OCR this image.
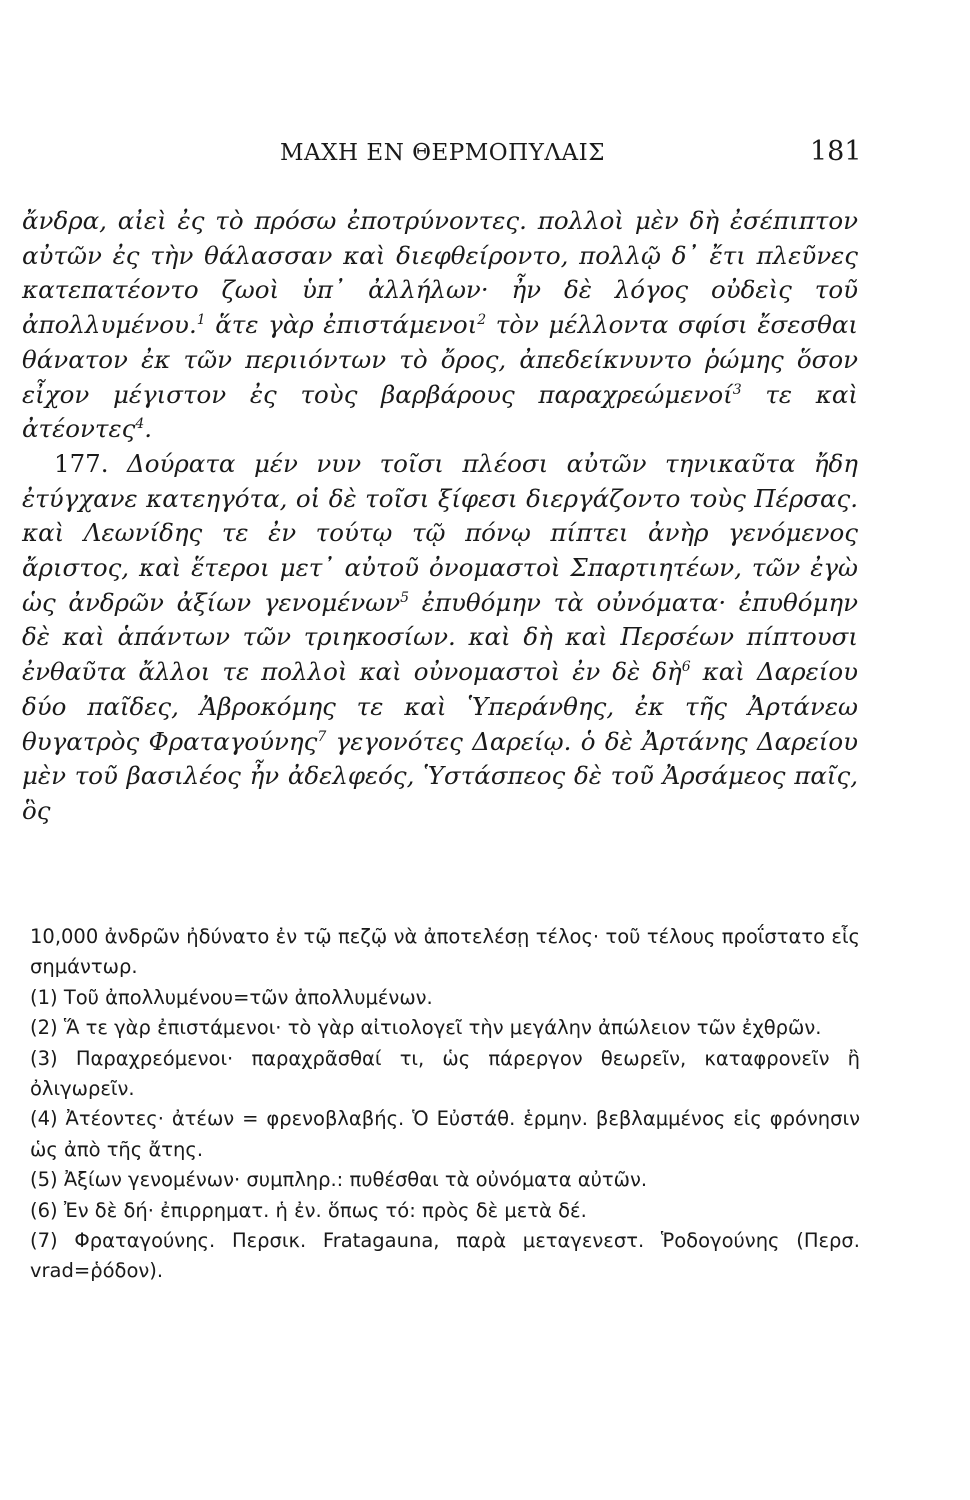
ΜΑΧΗ ΕΝ ΘΕΡΜΟΠΥΛΑΙΣ	181

ἄνδρα, αἰεὶ ἐς τὸ πρόσω ἐποτρύνοντες. πολλοὶ μὲν δὴ ἐσέπιπτον αὐτῶν ἐς τὴν θάλασσαν καὶ διεφθείροντο, πολλῷ δ᾽ ἔτι πλεῦνες κατεπατέοντο ζωοὶ ὑπ᾽ ἀλλήλων· ἦν δὲ λόγος οὐδεὶς τοῦ ἀπολλυμένου.$^1$ ἅτε γὰρ ἐπιστάμενοι$^2$ τὸν μέλλοντα σφίσι ἔσεσθαι θάνατον ἐκ τῶν περιιόντων τὸ ὄρος, ἀπεδείκνυντο ῥώμης ὅσον εἶχον μέγιστον ἐς τοὺς βαρβάρους παραχρεώμενοί$^3$ τε καὶ ἀτέοντες$^4$.

177. Δούρατα μέν νυν τοῖσι πλέοσι αὐτῶν τηνικαῦτα ἤδη ἐτύγχανε κατεηγότα, οἱ δὲ τοῖσι ξίφεσι διεργάζοντο τοὺς Πέρσας. καὶ Λεωνίδης τε ἐν τούτῳ τῷ πόνῳ πίπτει ἀνὴρ γενόμενος ἄριστος, καὶ ἕτεροι μετ᾽ αὐτοῦ ὀνομαστοὶ Σπαρτιητέων, τῶν ἐγὼ ὡς ἀνδρῶν ἀξίων γενομένων$^5$ ἐπυθόμην τὰ οὐνόματα· ἐπυθόμην δὲ καὶ ἁπάντων τῶν τριηκοσίων. καὶ δὴ καὶ Περσέων πίπτουσι ἐνθαῦτα ἄλλοι τε πολλοὶ καὶ οὐνομαστοὶ ἐν δὲ δὴ$^6$ καὶ Δαρείου δύο παῖδες, Ἀβροκόμης τε καὶ Ὑπεράνθης, ἐκ τῆς Ἀρτάνεω θυγατρὸς Φραταγούνης$^7$ γεγονότες Δαρείῳ. ὁ δὲ Ἀρτάνης Δαρείου μὲν τοῦ βασιλέος ἦν ἀδελφεός, Ὑστάσπεος δὲ τοῦ Ἀρσάμεος παῖς, ὃς

10,000 ἀνδρῶν ἠδύνατο ἐν τῷ πεζῷ νὰ ἀποτελέσῃ τέλος· τοῦ τέλους προΐστατο εἷς σημάντωρ.

(1) Τοῦ ἀπολλυμένου=τῶν ἀπολλυμένων.

(2) Ἅ τε γὰρ ἐπιστάμενοι· τὸ γὰρ αἰτιολογεῖ τὴν μεγάλην ἀπώλειον τῶν ἐχθρῶν.

(3) Παραχρεόμενοι· παραχρᾶσθαί τι, ὡς πάρεργον θεωρεῖν, καταφρονεῖν ἢ ὀλιγωρεῖν.

(4) Ἀτέοντες· ἀτέων = φρενοβλαβής. Ὁ Εὐστάθ. ἑρμην. βεβλαμμένος εἰς φρόνησιν ὡς ἀπὸ τῆς ἄτης.

(5) Ἀξίων γενομένων· συμπληρ.: πυθέσθαι τὰ οὐνόματα αὐτῶν.

(6) Ἐν δὲ δή· ἐπιρρηματ. ἡ ἐν. ὅπως τό: πρὸς δὲ μετὰ δέ.

(7) Φραταγούνης. Περσικ. Fratagauna, παρὰ μεταγενεστ. Ῥοδογούνης (Περσ. vrad=ῥόδον).
